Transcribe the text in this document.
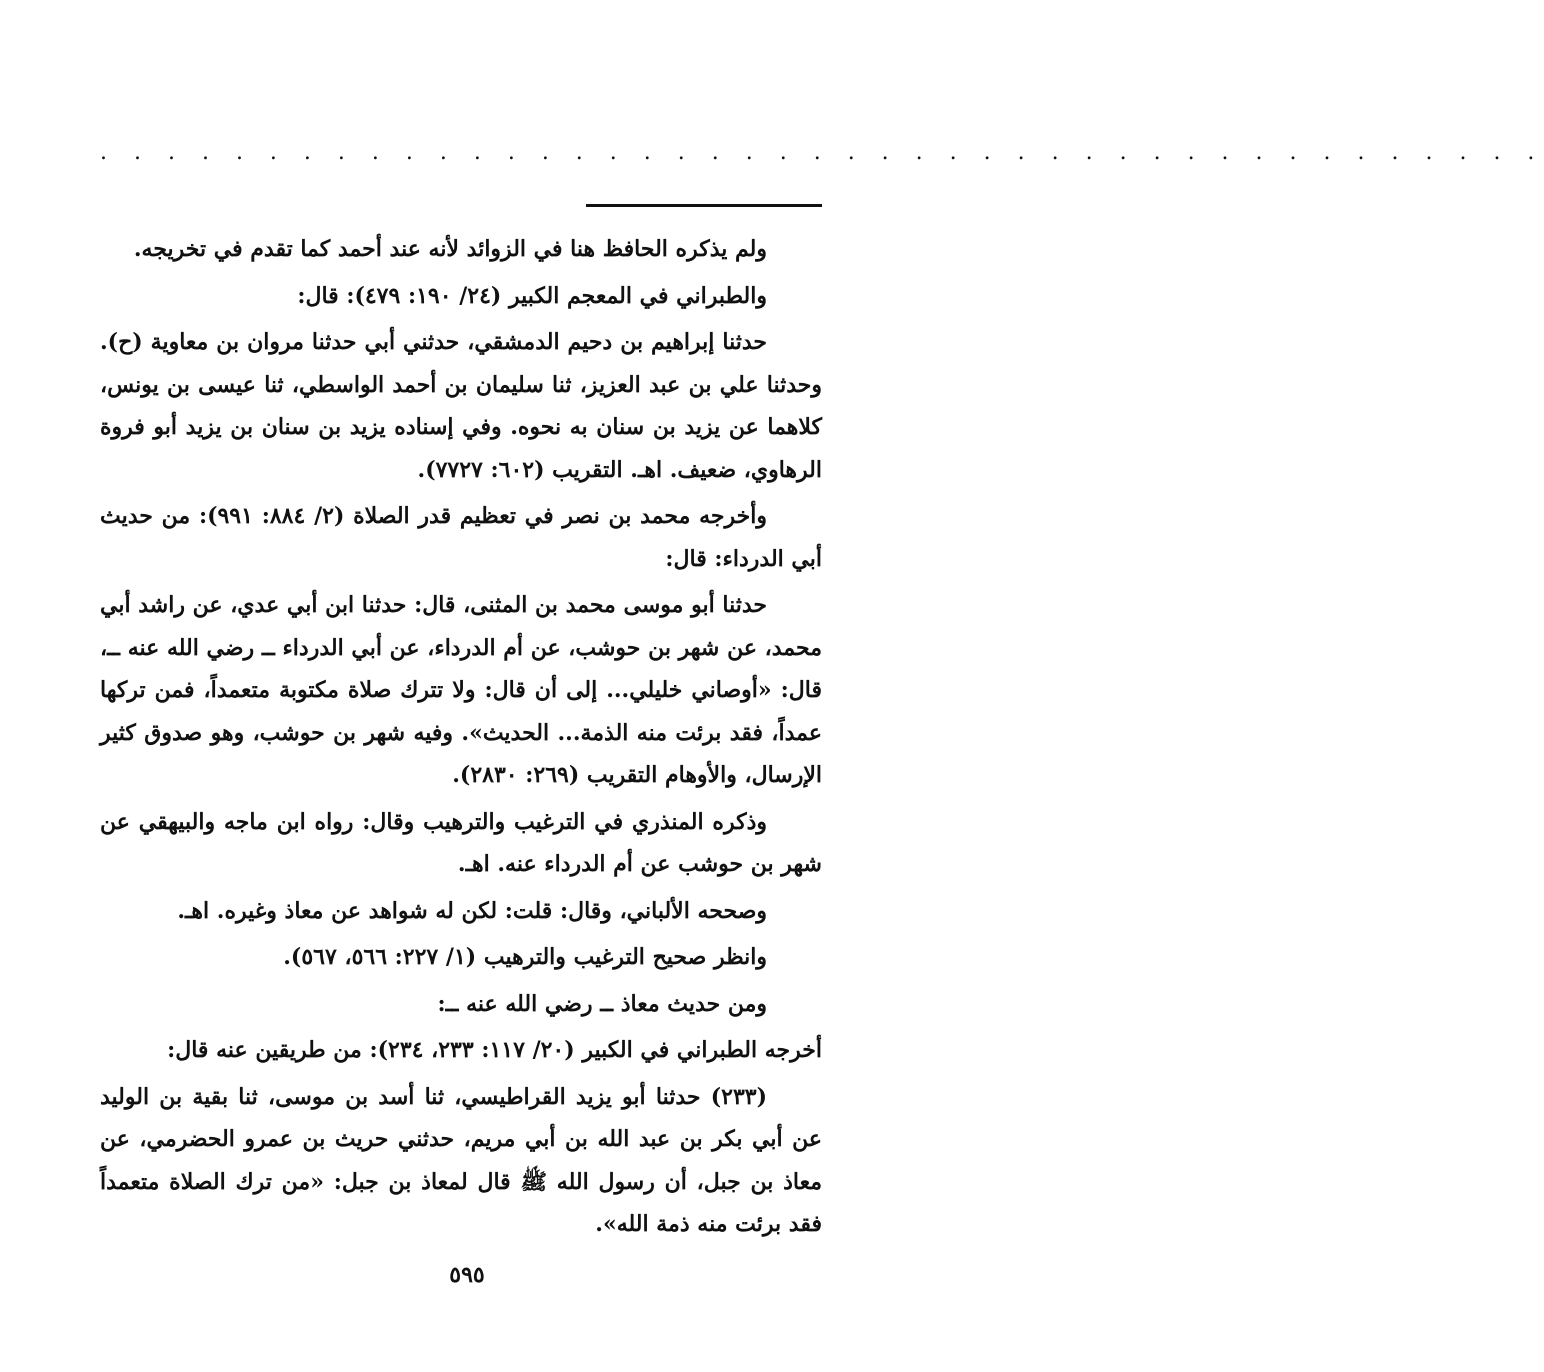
. . . . . . . . . . . . . . . . . . . . . . . . . . . . . . . . . . . . . . . . . . .

ولم يذكره الحافظ هنا في الزوائد لأنه عند أحمد كما تقدم في تخريجه.

والطبراني في المعجم الكبير (٢٤/ ١٩٠: ٤٧٩): قال:

حدثنا إبراهيم بن دحيم الدمشقي، حدثني أبي حدثنا مروان بن معاوية (ح). وحدثنا علي بن عبد العزيز، ثنا سليمان بن أحمد الواسطي، ثنا عيسى بن يونس، كلاهما عن يزيد بن سنان به نحوه. وفي إسناده يزيد بن سنان بن يزيد أبو فروة الرهاوي، ضعيف. اهـ. التقريب (٦٠٢: ٧٧٢٧).

وأخرجه محمد بن نصر في تعظيم قدر الصلاة (٢/ ٨٨٤: ٩٩١): من حديث أبي الدرداء: قال:

حدثنا أبو موسى محمد بن المثنى، قال: حدثنا ابن أبي عدي، عن راشد أبي محمد، عن شهر بن حوشب، عن أم الدرداء، عن أبي الدرداء ــ رضي الله عنه ــ، قال: «أوصاني خليلي... إلى أن قال: ولا تترك صلاة مكتوبة متعمداً، فمن تركها عمداً، فقد برئت منه الذمة... الحديث». وفيه شهر بن حوشب، وهو صدوق كثير الإرسال، والأوهام التقريب (٢٦٩: ٢٨٣٠).

وذكره المنذري في الترغيب والترهيب وقال: رواه ابن ماجه والبيهقي عن شهر بن حوشب عن أم الدرداء عنه. اهـ.

وصححه الألباني، وقال: قلت: لكن له شواهد عن معاذ وغيره. اهـ.

وانظر صحيح الترغيب والترهيب (١/ ٢٢٧: ٥٦٦، ٥٦٧).

ومن حديث معاذ ــ رضي الله عنه ــ:

أخرجه الطبراني في الكبير (٢٠/ ١١٧: ٢٣٣، ٢٣٤): من طريقين عنه قال:

(٢٣٣) حدثنا أبو يزيد القراطيسي، ثنا أسد بن موسى، ثنا بقية بن الوليد عن أبي بكر بن عبد الله بن أبي مريم، حدثني حريث بن عمرو الحضرمي، عن معاذ بن جبل، أن رسول الله ﷺ قال لمعاذ بن جبل: «من ترك الصلاة متعمداً فقد برئت منه ذمة الله».

٥٩٥
